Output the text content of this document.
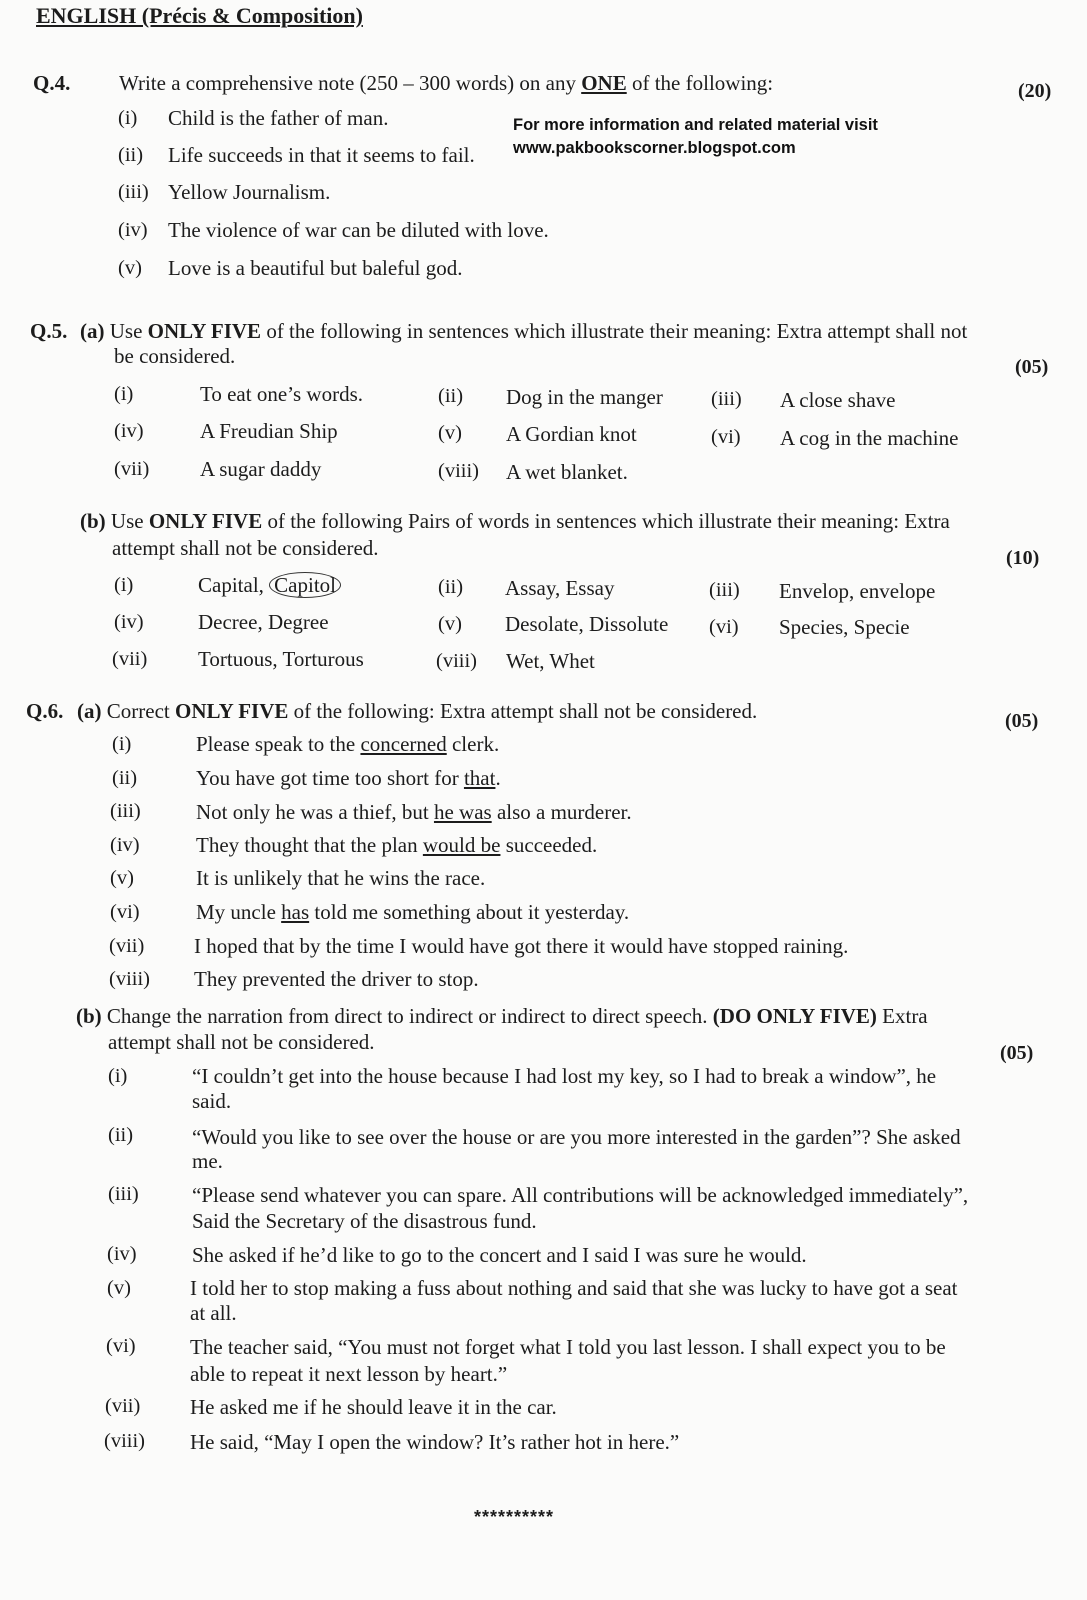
ENGLISH (Précis & Composition)
For more information and related material visit
www.pakbookscorner.blogspot.com
Q.4. Write a comprehensive note (250 – 300 words) on any ONE of the following:	(20)
(i) Child is the father of man.
(ii) Life succeeds in that it seems to fail.
(iii) Yellow Journalism.
(iv) The violence of war can be diluted with love.
(v) Love is a beautiful but baleful god.
Q.5. (a) Use ONLY FIVE of the following in sentences which illustrate their meaning: Extra attempt shall not
be considered.	(05)
(i)	To eat one’s words.	(ii) Dog in the manger (iii) A close shave
(iv)	A Freudian Ship	(v) A Gordian knot	(vi) A cog in the machine
(vii) A sugar daddy	(viii) A wet blanket.
(b) Use ONLY FIVE of the following Pairs of words in sentences which illustrate their meaning: Extra
attempt shall not be considered.	(10)
(i)	Capital, Capitol	(ii) Assay, Essay	(iii) Envelop, envelope
(iv)	Decree, Degree	(v) Desolate, Dissolute (vi) Species, Specie
(vii) Tortuous, Torturous	(viii) Wet, Whet
Q.6. (a) Correct ONLY FIVE of the following: Extra attempt shall not be considered.	(05)
(i)	Please speak to the concerned clerk.
(ii)	You have got time too short for that.
(iii)	Not only he was a thief, but he was also a murderer.
(iv)	They thought that the plan would be succeeded.
(v)	It is unlikely that he wins the race.
(vi)	My uncle has told me something about it yesterday.
(vii) I hoped that by the time I would have got there it would have stopped raining.
(viii) They prevented the driver to stop.
(b) Change the narration from direct to indirect or indirect to direct speech. (DO ONLY FIVE) Extra
attempt shall not be considered.	(05)
(i)	“I couldn’t get into the house because I had lost my key, so I had to break a window”, he
said.
(ii)	“Would you like to see over the house or are you more interested in the garden”? She asked
me.
(iii)	“Please send whatever you can spare. All contributions will be acknowledged immediately”,
Said the Secretary of the disastrous fund.
(iv)	She asked if he’d like to go to the concert and I said I was sure he would.
(v)	I told her to stop making a fuss about nothing and said that she was lucky to have got a seat
at all.
(vi)	The teacher said, “You must not forget what I told you last lesson. I shall expect you to be
able to repeat it next lesson by heart.”
(vii) He asked me if he should leave it in the car.
(viii) He said, “May I open the window? It’s rather hot in here.”
**********
